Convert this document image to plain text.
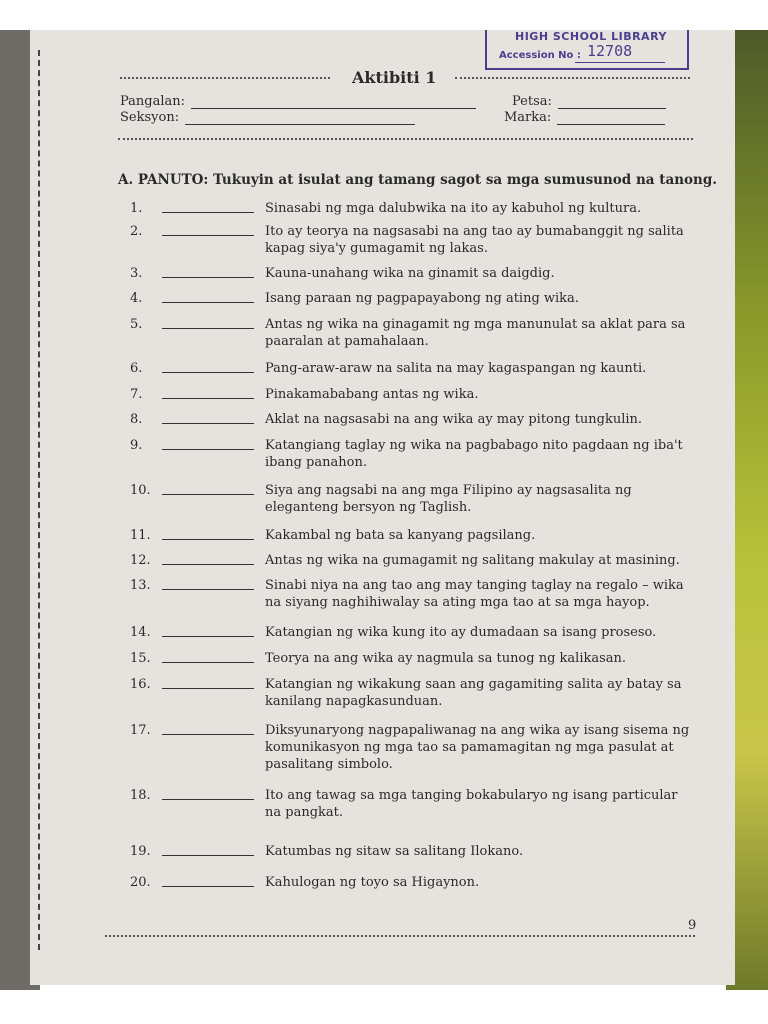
HIGH SCHOOL LIBRARY
Accession No : 12708
Aktibiti 1
Pangalan:
Seksyon:
Petsa:
Marka:
A. PANUTO: Tukuyin at isulat ang tamang sagot sa mga sumusunod na tanong.
1.	Sinasabi ng mga dalubwika na ito ay kabuhol ng kultura.
2.	Ito ay teorya na nagsasabi na ang tao ay bumabanggit ng salita kapag siya'y gumagamit ng lakas.
3.	Kauna-unahang wika na ginamit sa daigdig.
4.	Isang paraan ng pagpapayabong ng ating wika.
5.	Antas ng wika na ginagamit ng mga manunulat sa aklat para sa paaralan at pamahalaan.
6.	Pang-araw-araw na salita na may kagaspangan ng kaunti.
7.	Pinakamababang antas ng wika.
8.	Aklat na nagsasabi na ang wika ay may pitong tungkulin.
9.	Katangiang taglay ng wika na pagbabago nito pagdaan ng iba't ibang panahon.
10.	Siya ang nagsabi na ang mga Filipino ay nagsasalita ng eleganteng bersyon ng Taglish.
11.	Kakambal ng bata sa kanyang pagsilang.
12.	Antas ng wika na gumagamit ng salitang makulay at masining.
13.	Sinabi niya na ang tao ang may tanging taglay na regalo – wika na siyang naghihiwalay sa ating mga tao at sa mga hayop.
14.	Katangian ng wika kung ito ay dumadaan sa isang proseso.
15.	Teorya na ang wika ay nagmula sa tunog ng kalikasan.
16.	Katangian ng wikakung saan ang gagamiting salita ay batay sa kanilang napagkasunduan.
17.	Diksyunaryong nagpapaliwanag na ang wika ay isang sisema ng komunikasyon ng mga tao sa pamamagitan ng mga pasulat at pasalitang simbolo.
18.	Ito ang tawag sa mga tanging bokabularyo ng isang particular na pangkat.
19.	Katumbas ng sitaw sa salitang Ilokano.
20.	Kahulogan ng toyo sa Higaynon.
9
